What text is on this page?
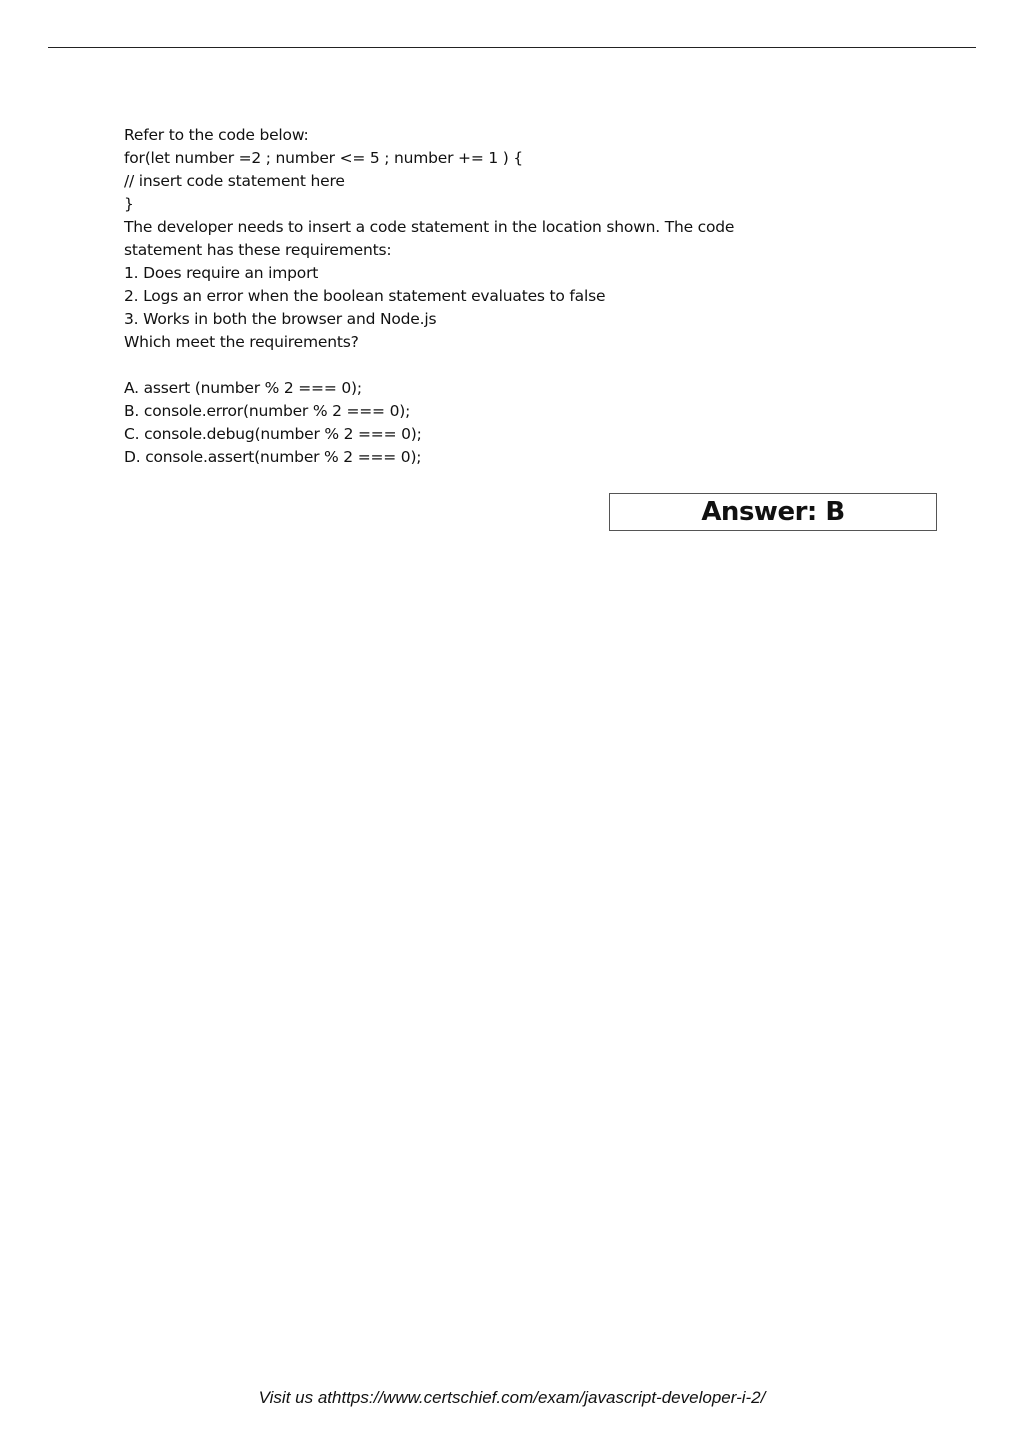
Refer to the code below:
for(let number =2 ; number <= 5 ; number += 1 ) {
// insert code statement here
}
The developer needs to insert a code statement in the location shown. The code
statement has these requirements:
1. Does require an import
2. Logs an error when the boolean statement evaluates to false
3. Works in both the browser and Node.js
Which meet the requirements?
A. assert (number % 2 === 0);
B. console.error(number % 2 === 0);
C. console.debug(number % 2 === 0);
D. console.assert(number % 2 === 0);
Answer: B
Visit us athttps://www.certschief.com/exam/javascript-developer-i-2/
